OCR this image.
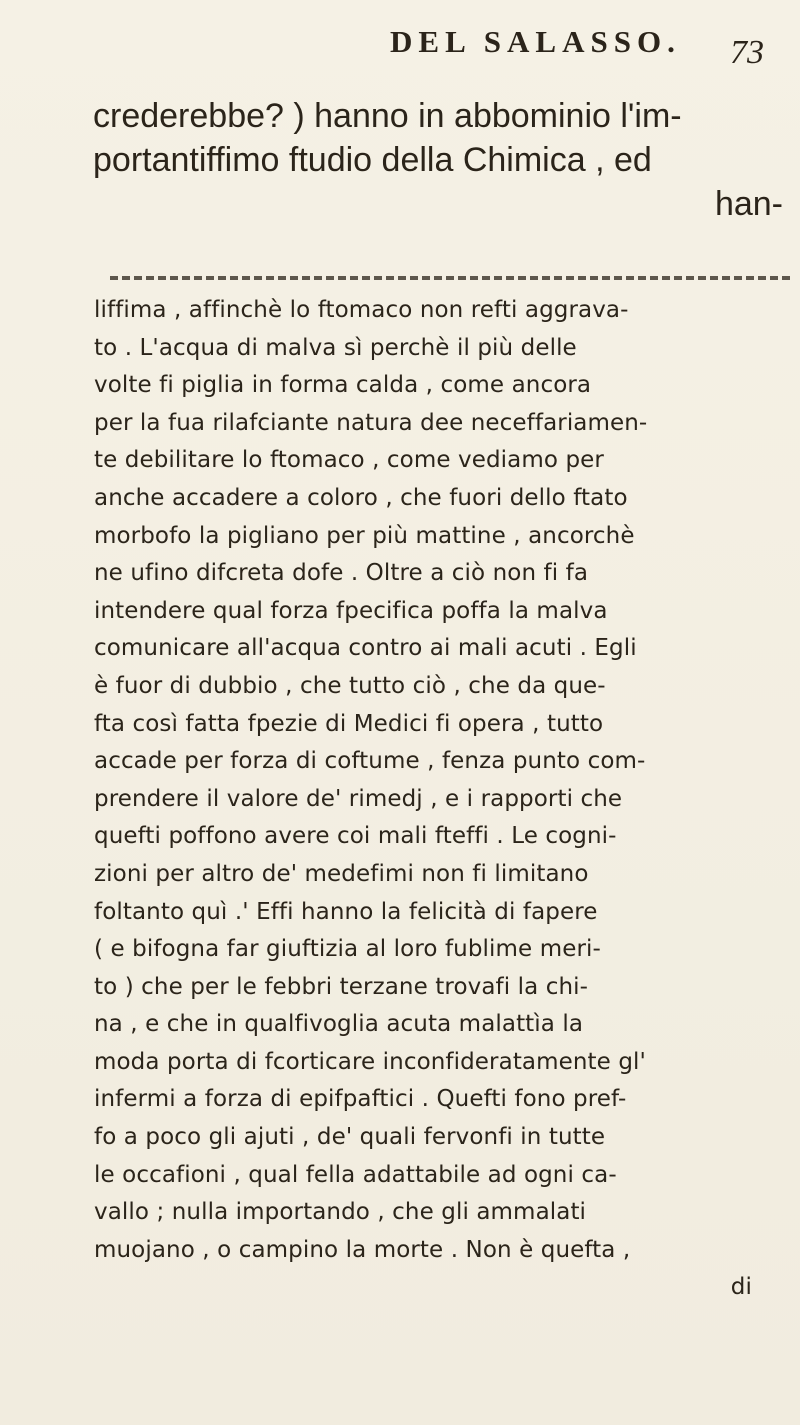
DEL SALASSO. 73
crederebbe? ) hanno in abbominio l'im-
portantiffimo ftudio della Chimica , ed
han-
liffima , affinchè lo ftomaco non refti aggrava-
to . L'acqua di malva sì perchè il più delle
volte fi piglia in forma calda , come ancora
per la fua rilafciante natura dee neceffariamen-
te debilitare lo ftomaco , come vediamo per
anche accadere a coloro , che fuori dello ftato
morbofo la pigliano per più mattine , ancorchè
ne ufino difcreta dofe . Oltre a ciò non fi fa
intendere qual forza fpecifica poffa la malva
comunicare all'acqua contro ai mali acuti . Egli
è fuor di dubbio , che tutto ciò , che da que-
fta così fatta fpezie di Medici fi opera , tutto
accade per forza di coftume , fenza punto com-
prendere il valore de' rimedj , e i rapporti che
quefti poffono avere coi mali fteffi . Le cogni-
zioni per altro de' medefimi non fi limitano
foltanto quì .' Effi hanno la felicità di fapere
( e bifogna far giuftizia al loro fublime meri-
to ) che per le febbri terzane trovafi la chi-
na , e che in qualfivoglia acuta malattìa la
moda porta di fcorticare inconfideratamente gl'
infermi a forza di epifpaftici . Quefti fono pref-
fo a poco gli ajuti , de' quali fervonfi in tutte
le occafioni , qual fella adattabile ad ogni ca-
vallo ; nulla importando , che gli ammalati
muojano , o campino la morte . Non è quefta ,
di
